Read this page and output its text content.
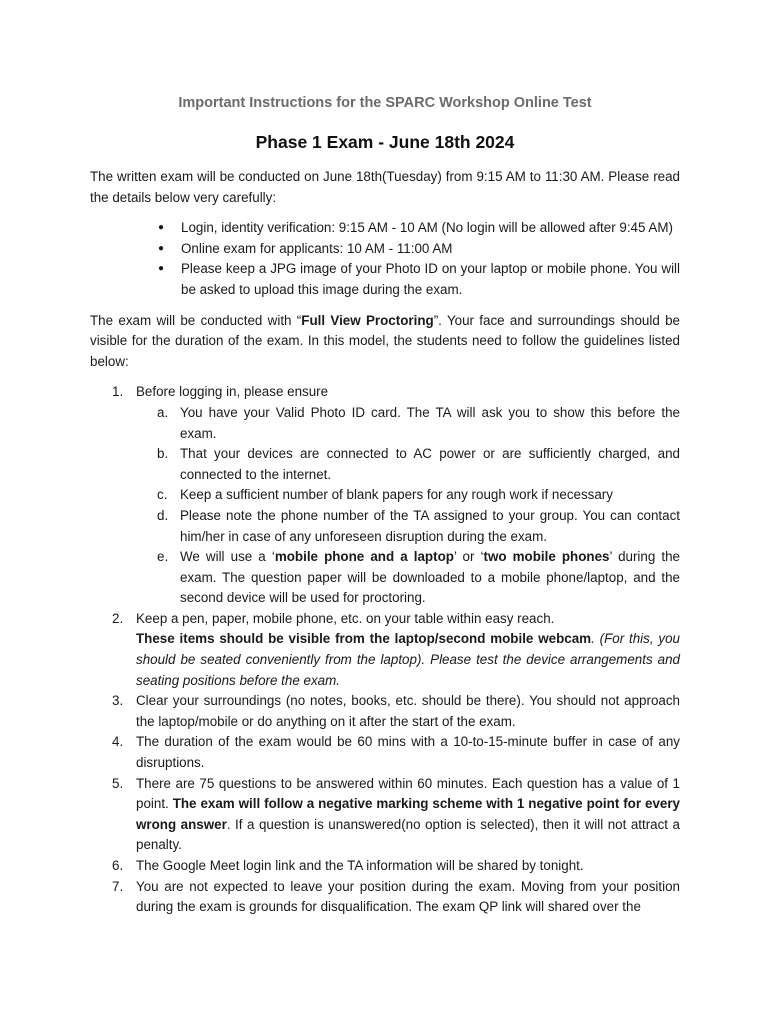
Important Instructions for the SPARC Workshop Online Test
Phase 1 Exam - June 18th 2024

The written exam will be conducted on June 18th(Tuesday) from 9:15 AM to 11:30 AM. Please read the details below very carefully:

● Login, identity verification: 9:15 AM - 10 AM (No login will be allowed after 9:45 AM)
● Online exam for applicants: 10 AM - 11:00 AM
● Please keep a JPG image of your Photo ID on your laptop or mobile phone. You will be asked to upload this image during the exam.

The exam will be conducted with “Full View Proctoring”. Your face and surroundings should be visible for the duration of the exam. In this model, the students need to follow the guidelines listed below:

1. Before logging in, please ensure
a. You have your Valid Photo ID card. The TA will ask you to show this before the exam.
b. That your devices are connected to AC power or are sufficiently charged, and connected to the internet.
c. Keep a sufficient number of blank papers for any rough work if necessary
d. Please note the phone number of the TA assigned to your group. You can contact him/her in case of any unforeseen disruption during the exam.
e. We will use a ‘mobile phone and a laptop’ or ‘two mobile phones’ during the exam. The question paper will be downloaded to a mobile phone/laptop, and the second device will be used for proctoring.
2. Keep a pen, paper, mobile phone, etc. on your table within easy reach.
These items should be visible from the laptop/second mobile webcam. (For this, you should be seated conveniently from the laptop). Please test the device arrangements and seating positions before the exam.
3. Clear your surroundings (no notes, books, etc. should be there). You should not approach the laptop/mobile or do anything on it after the start of the exam.
4. The duration of the exam would be 60 mins with a 10-to-15-minute buffer in case of any disruptions.
5. There are 75 questions to be answered within 60 minutes. Each question has a value of 1 point. The exam will follow a negative marking scheme with 1 negative point for every wrong answer. If a question is unanswered(no option is selected), then it will not attract a penalty.
6. The Google Meet login link and the TA information will be shared by tonight.
7. You are not expected to leave your position during the exam. Moving from your position during the exam is grounds for disqualification. The exam QP link will shared over the
